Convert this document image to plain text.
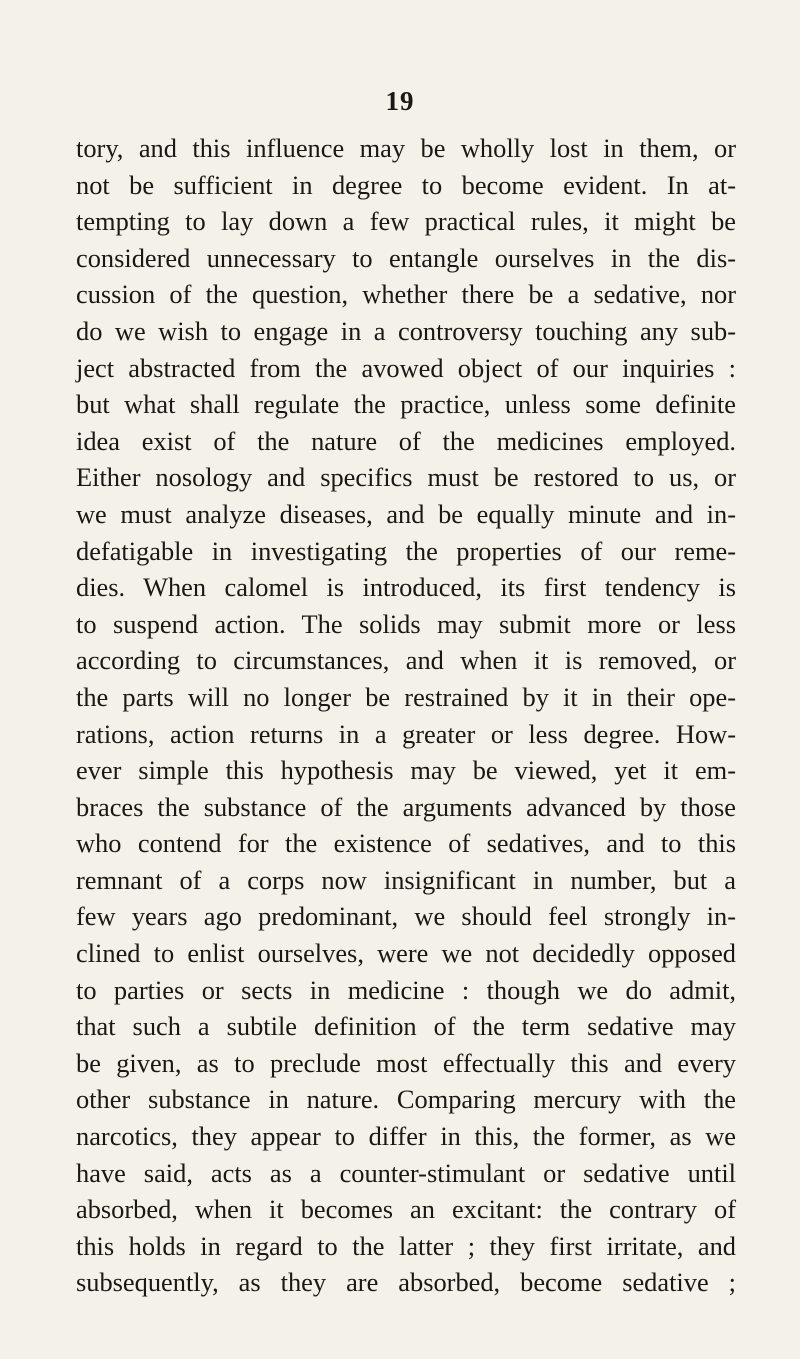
19
tory, and this influence may be wholly lost in them, or
not be sufficient in degree to become evident. In at-
tempting to lay down a few practical rules, it might be
considered unnecessary to entangle ourselves in the dis-
cussion of the question, whether there be a sedative, nor
do we wish to engage in a controversy touching any sub-
ject abstracted from the avowed object of our inquiries :
but what shall regulate the practice, unless some definite
idea exist of the nature of the medicines employed.
Either nosology and specifics must be restored to us, or
we must analyze diseases, and be equally minute and in-
defatigable in investigating the properties of our reme-
dies. When calomel is introduced, its first tendency is
to suspend action. The solids may submit more or less
according to circumstances, and when it is removed, or
the parts will no longer be restrained by it in their ope-
rations, action returns in a greater or less degree. How-
ever simple this hypothesis may be viewed, yet it em-
braces the substance of the arguments advanced by those
who contend for the existence of sedatives, and to this
remnant of a corps now insignificant in number, but a
few years ago predominant, we should feel strongly in-
clined to enlist ourselves, were we not decidedly opposed
to parties or sects in medicine : though we do admit,
that such a subtile definition of the term sedative may
be given, as to preclude most effectually this and every
other substance in nature. Comparing mercury with the
narcotics, they appear to differ in this, the former, as we
have said, acts as a counter-stimulant or sedative until
absorbed, when it becomes an excitant: the contrary of
this holds in regard to the latter ; they first irritate, and
subsequently, as they are absorbed, become sedative ;
